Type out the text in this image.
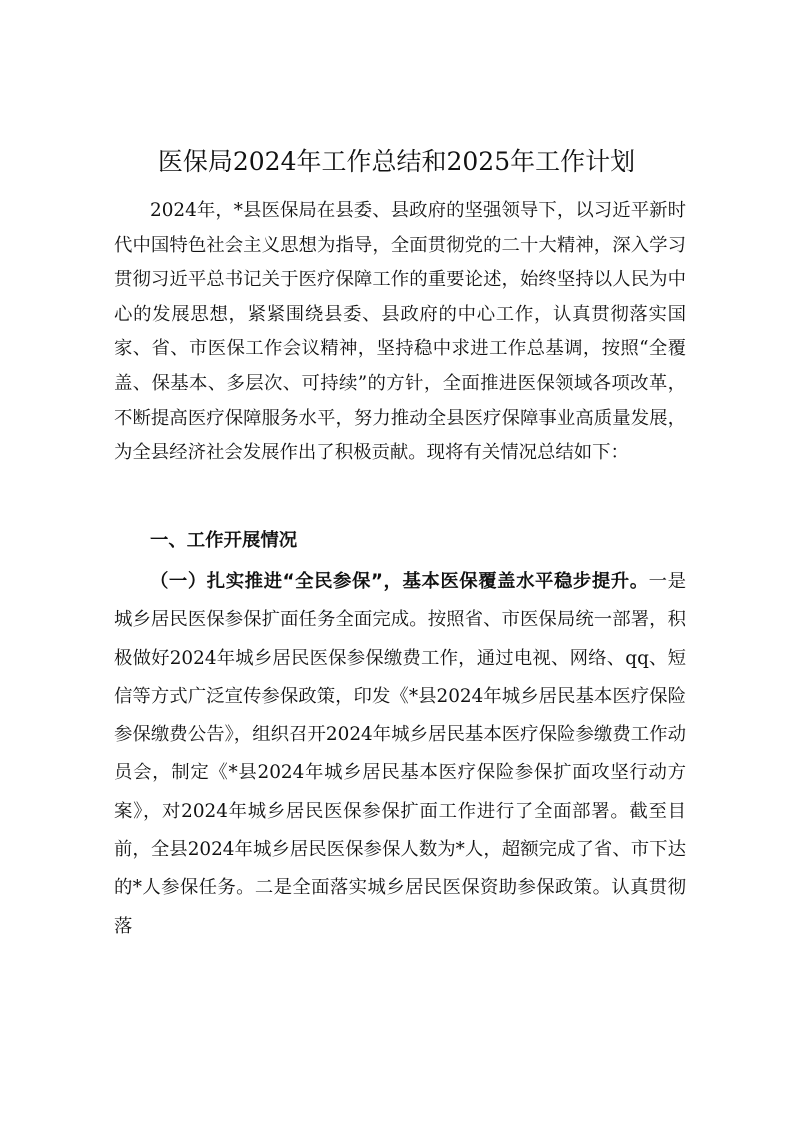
医保局2024年工作总结和2025年工作计划

2024年，*县医保局在县委、县政府的坚强领导下，以习近平新时代中国特色社会主义思想为指导，全面贯彻党的二十大精神，深入学习贯彻习近平总书记关于医疗保障工作的重要论述，始终坚持以人民为中心的发展思想，紧紧围绕县委、县政府的中心工作，认真贯彻落实国家、省、市医保工作会议精神，坚持稳中求进工作总基调，按照“全覆盖、保基本、多层次、可持续”的方针，全面推进医保领域各项改革，不断提高医疗保障服务水平，努力推动全县医疗保障事业高质量发展，为全县经济社会发展作出了积极贡献。现将有关情况总结如下：

一、工作开展情况

（一）扎实推进“全民参保”，基本医保覆盖水平稳步提升。一是城乡居民医保参保扩面任务全面完成。按照省、市医保局统一部署，积极做好2024年城乡居民医保参保缴费工作，通过电视、网络、qq、短信等方式广泛宣传参保政策，印发《*县2024年城乡居民基本医疗保险参保缴费公告》，组织召开2024年城乡居民基本医疗保险参缴费工作动员会，制定《*县2024年城乡居民基本医疗保险参保扩面攻坚行动方案》，对2024年城乡居民医保参保扩面工作进行了全面部署。截至目前，全县2024年城乡居民医保参保人数为*人，超额完成了省、市下达的*人参保任务。二是全面落实城乡居民医保资助参保政策。认真贯彻落
